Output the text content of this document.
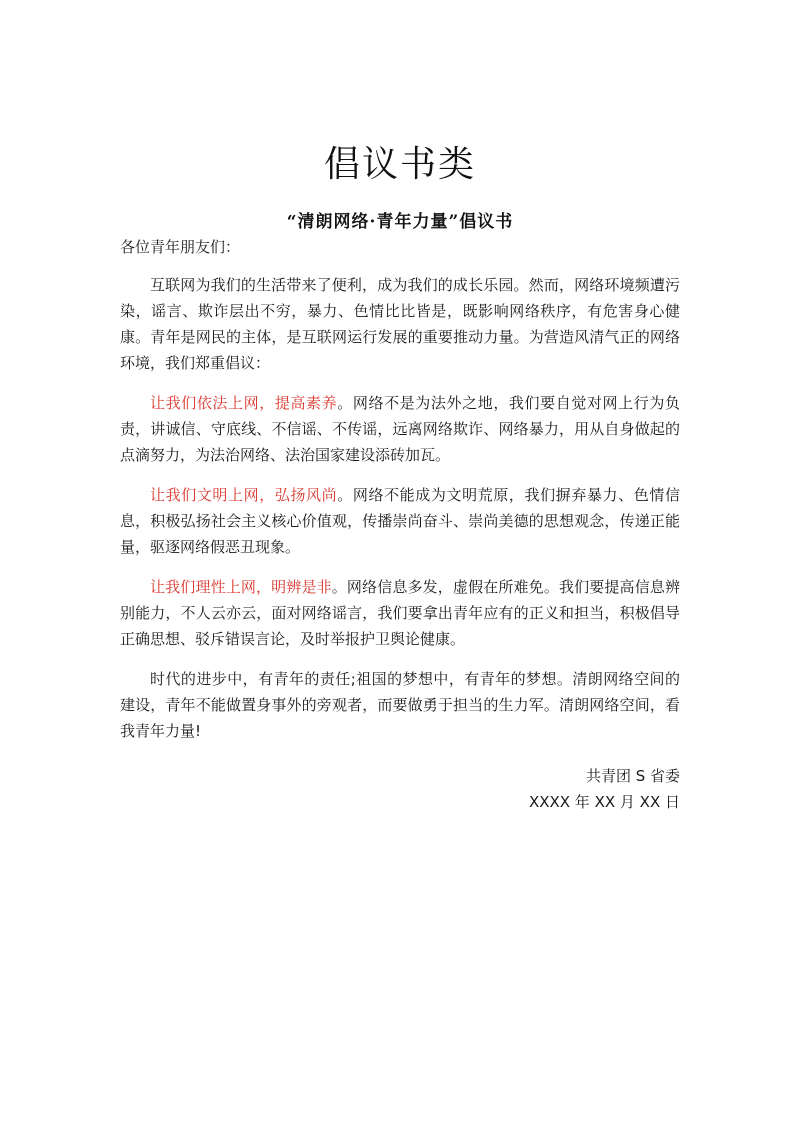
倡议书类
“清朗网络·青年力量”倡议书

各位青年朋友们：

互联网为我们的生活带来了便利，成为我们的成长乐园。然而，网络环境频遭污染，谣言、欺诈层出不穷，暴力、色情比比皆是，既影响网络秩序，有危害身心健康。青年是网民的主体，是互联网运行发展的重要推动力量。为营造风清气正的网络环境，我们郑重倡议：

让我们依法上网，提高素养。网络不是为法外之地，我们要自觉对网上行为负责，讲诚信、守底线、不信谣、不传谣，远离网络欺诈、网络暴力，用从自身做起的点滴努力，为法治网络、法治国家建设添砖加瓦。

让我们文明上网，弘扬风尚。网络不能成为文明荒原，我们摒弃暴力、色情信息，积极弘扬社会主义核心价值观，传播崇尚奋斗、崇尚美德的思想观念，传递正能量，驱逐网络假恶丑现象。

让我们理性上网，明辨是非。网络信息多发，虚假在所难免。我们要提高信息辨别能力，不人云亦云，面对网络谣言，我们要拿出青年应有的正义和担当，积极倡导正确思想、驳斥错误言论，及时举报护卫舆论健康。

时代的进步中，有青年的责任;祖国的梦想中，有青年的梦想。清朗网络空间的建设，青年不能做置身事外的旁观者，而要做勇于担当的生力军。清朗网络空间，看我青年力量!

共青团 S 省委
XXXX 年 XX 月 XX 日
